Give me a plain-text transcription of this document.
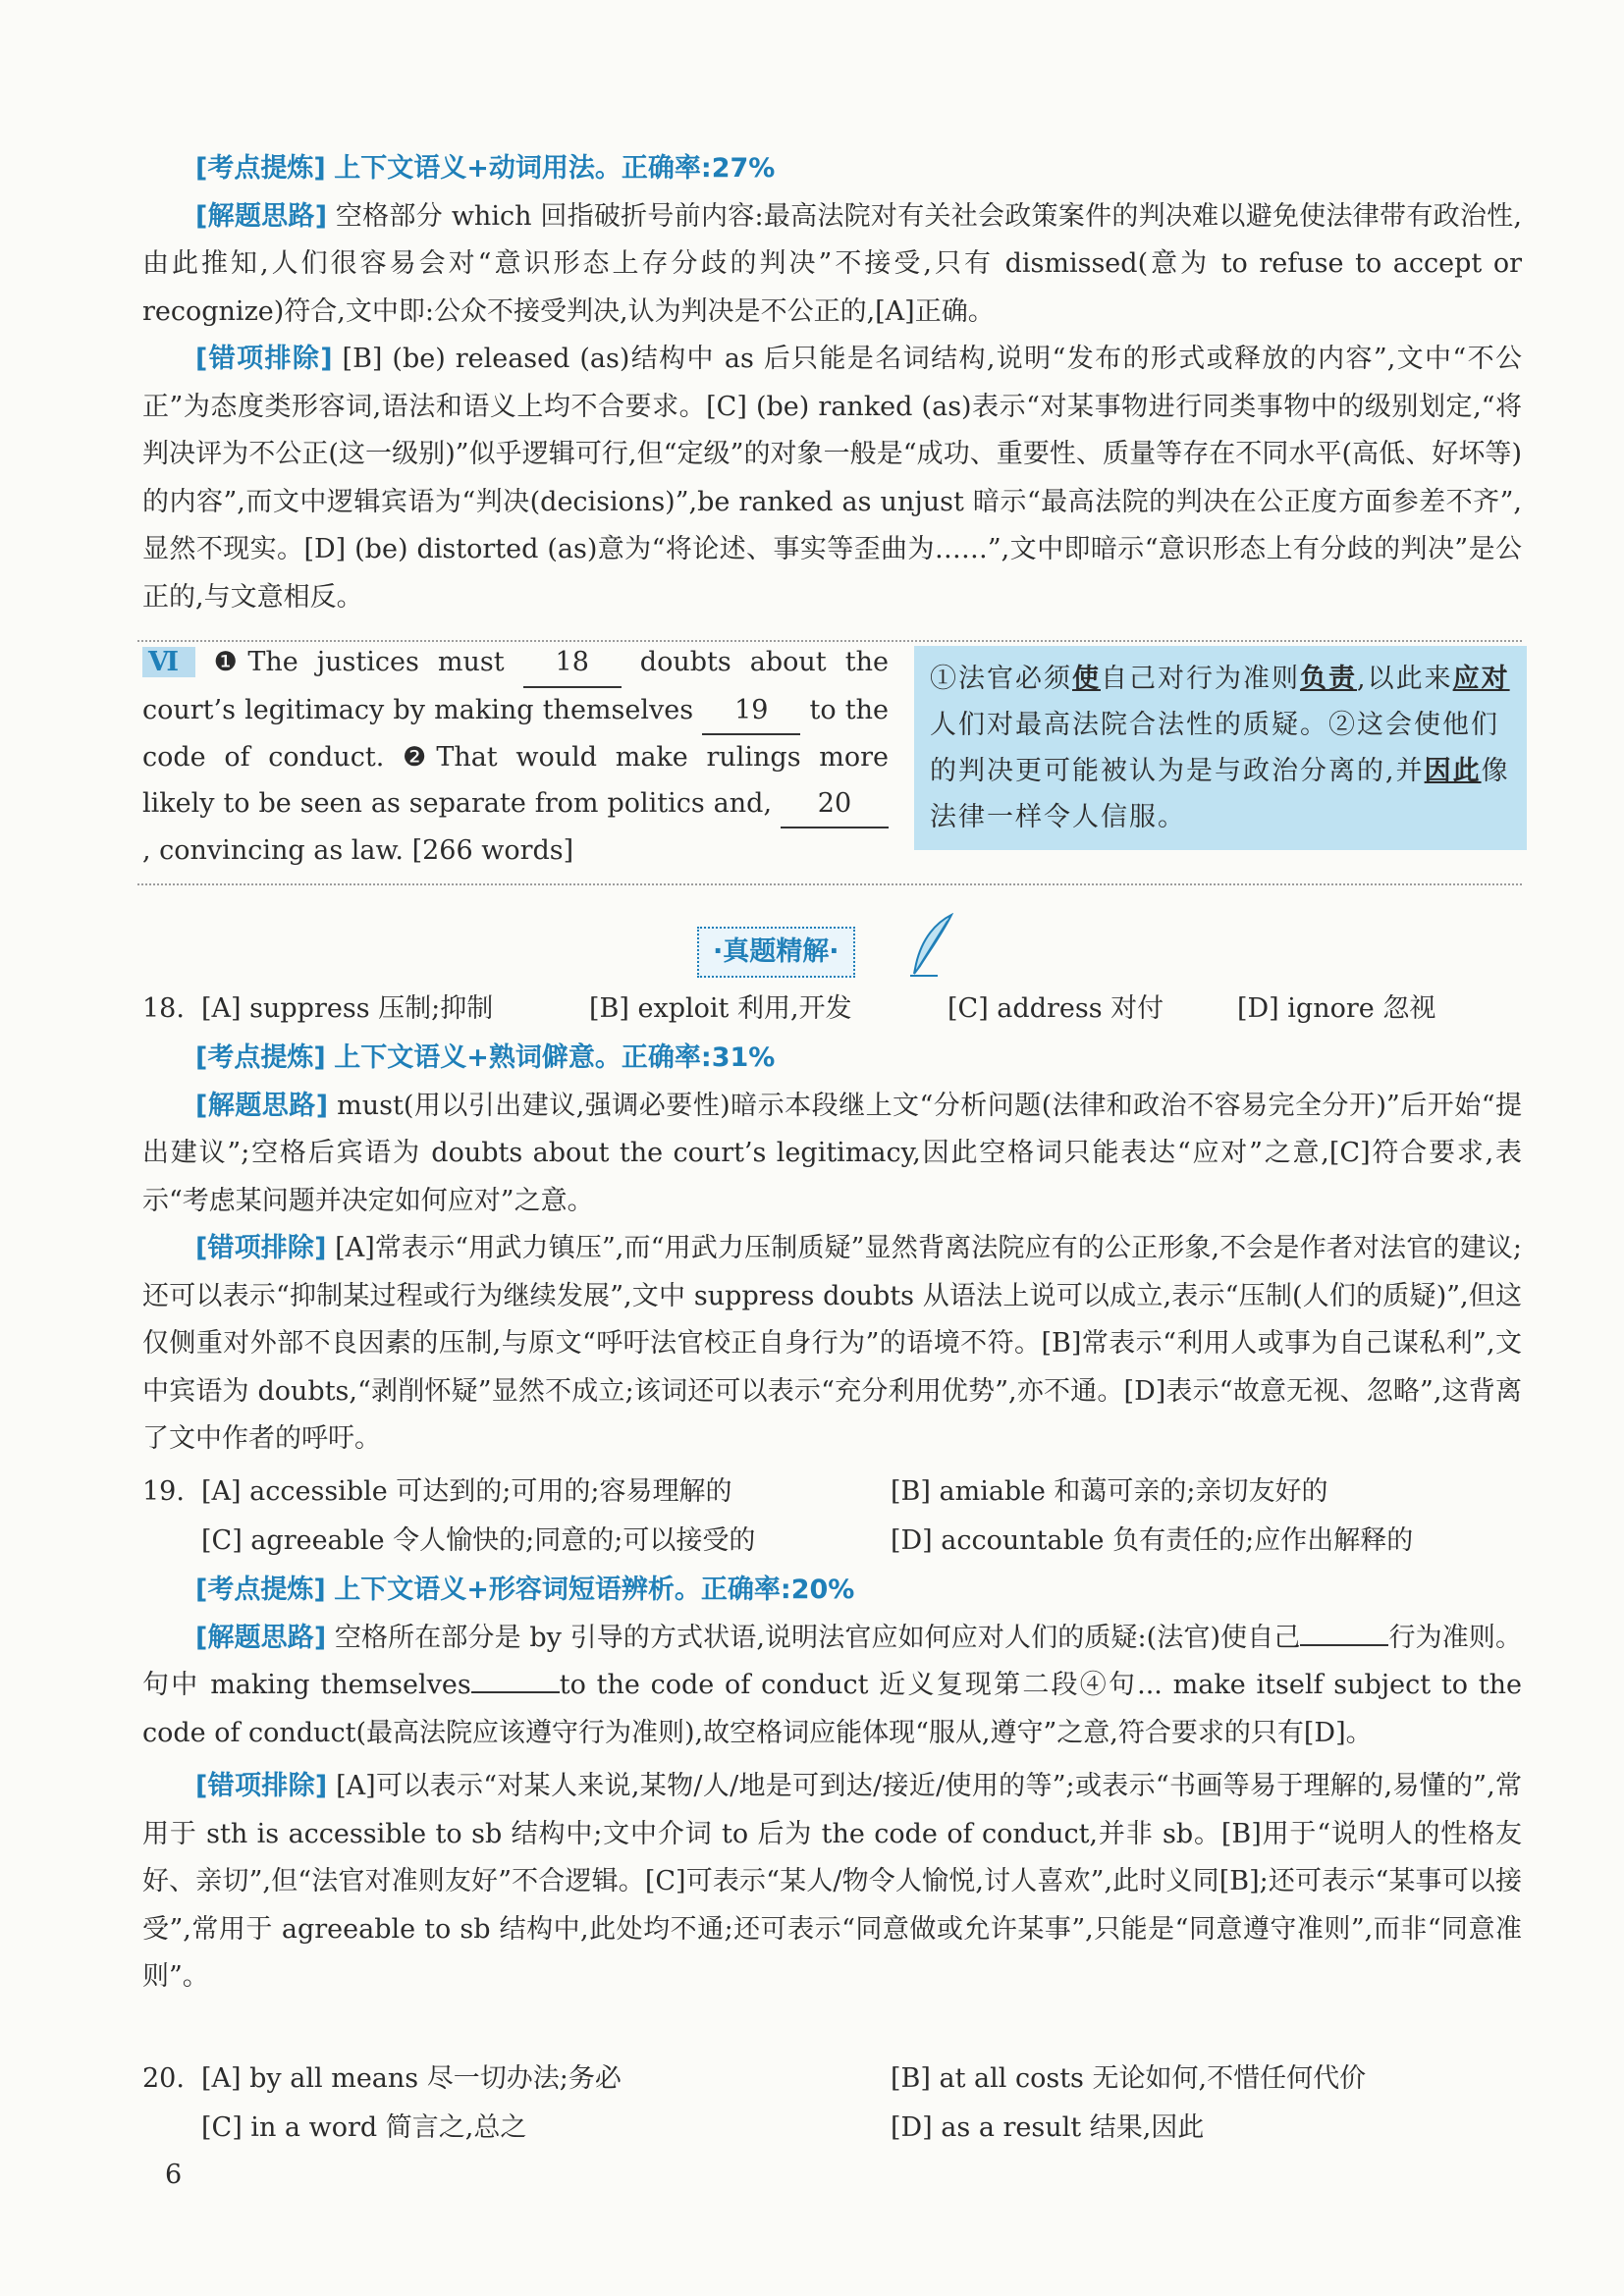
[考点提炼] 上下文语义+动词用法。正确率:27%
[解题思路] 空格部分 which 回指破折号前内容:最高法院对有关社会政策案件的判决难以避免使法律带有政治性,由此推知,人们很容易会对“意识形态上存分歧的判决”不接受,只有 dismissed(意为 to refuse to accept or recognize)符合,文中即:公众不接受判决,认为判决是不公正的,[A]正确。
[错项排除] [B] (be) released (as)结构中 as 后只能是名词结构,说明“发布的形式或释放的内容”,文中“不公正”为态度类形容词,语法和语义上均不合要求。[C] (be) ranked (as)表示“对某事物进行同类事物中的级别划定,“将判决评为不公正(这一级别)”似乎逻辑可行,但“定级”的对象一般是“成功、重要性、质量等存在不同水平(高低、好坏等)的内容”,而文中逻辑宾语为“判决(decisions)”,be ranked as unjust 暗示“最高法院的判决在公正度方面参差不齐”,显然不现实。[D] (be) distorted (as)意为“将论述、事实等歪曲为……”,文中即暗示“意识形态上有分歧的判决”是公正的,与文意相反。
Ⅵ ❶The justices must 18 doubts about the court’s legitimacy by making themselves 19 to the code of conduct. ❷That would make rulings more likely to be seen as separate from politics and, 20, convincing as law. [266 words]
①法官必须使自己对行为准则负责,以此来应对人们对最高法院合法性的质疑。②这会使他们的判决更可能被认为是与政治分离的,并因此像法律一样令人信服。
·真题精解·
18. [A] suppress 压制;抑制	[B] exploit 利用,开发	[C] address 对付	[D] ignore 忽视
[考点提炼] 上下文语义+熟词僻意。正确率:31%
[解题思路] must(用以引出建议,强调必要性)暗示本段继上文“分析问题(法律和政治不容易完全分开)”后开始“提出建议”;空格后宾语为 doubts about the court’s legitimacy,因此空格词只能表达“应对”之意,[C]符合要求,表示“考虑某问题并决定如何应对”之意。
[错项排除] [A]常表示“用武力镇压”,而“用武力压制质疑”显然背离法院应有的公正形象,不会是作者对法官的建议;还可以表示“抑制某过程或行为继续发展”,文中 suppress doubts 从语法上说可以成立,表示“压制(人们的质疑)”,但这仅侧重对外部不良因素的压制,与原文“呼吁法官校正自身行为”的语境不符。[B]常表示“利用人或事为自己谋私利”,文中宾语为 doubts,“剥削怀疑”显然不成立;该词还可以表示“充分利用优势”,亦不通。[D]表示“故意无视、忽略”,这背离了文中作者的呼吁。
19. [A] accessible 可达到的;可用的;容易理解的	[B] amiable 和蔼可亲的;亲切友好的
[C] agreeable 令人愉快的;同意的;可以接受的	[D] accountable 负有责任的;应作出解释的
[考点提炼] 上下文语义+形容词短语辨析。正确率:20%
[解题思路] 空格所在部分是 by 引导的方式状语,说明法官应如何应对人们的质疑:(法官)使自己	行为准则。句中 making themselves	to the code of conduct 近义复现第二段④句... make itself subject to the code of conduct(最高法院应该遵守行为准则),故空格词应能体现“服从,遵守”之意,符合要求的只有[D]。
[错项排除] [A]可以表示“对某人来说,某物/人/地是可到达/接近/使用的等”;或表示“书画等易于理解的,易懂的”,常用于 sth is accessible to sb 结构中;文中介词 to 后为 the code of conduct,并非 sb。[B]用于“说明人的性格友好、亲切”,但“法官对准则友好”不合逻辑。[C]可表示“某人/物令人愉悦,讨人喜欢”,此时义同[B];还可表示“某事可以接受”,常用于 agreeable to sb 结构中,此处均不通;还可表示“同意做或允许某事”,只能是“同意遵守准则”,而非“同意准则”。
20. [A] by all means 尽一切办法;务必	[B] at all costs 无论如何,不惜任何代价
[C] in a word 简言之,总之	[D] as a result 结果,因此
6
